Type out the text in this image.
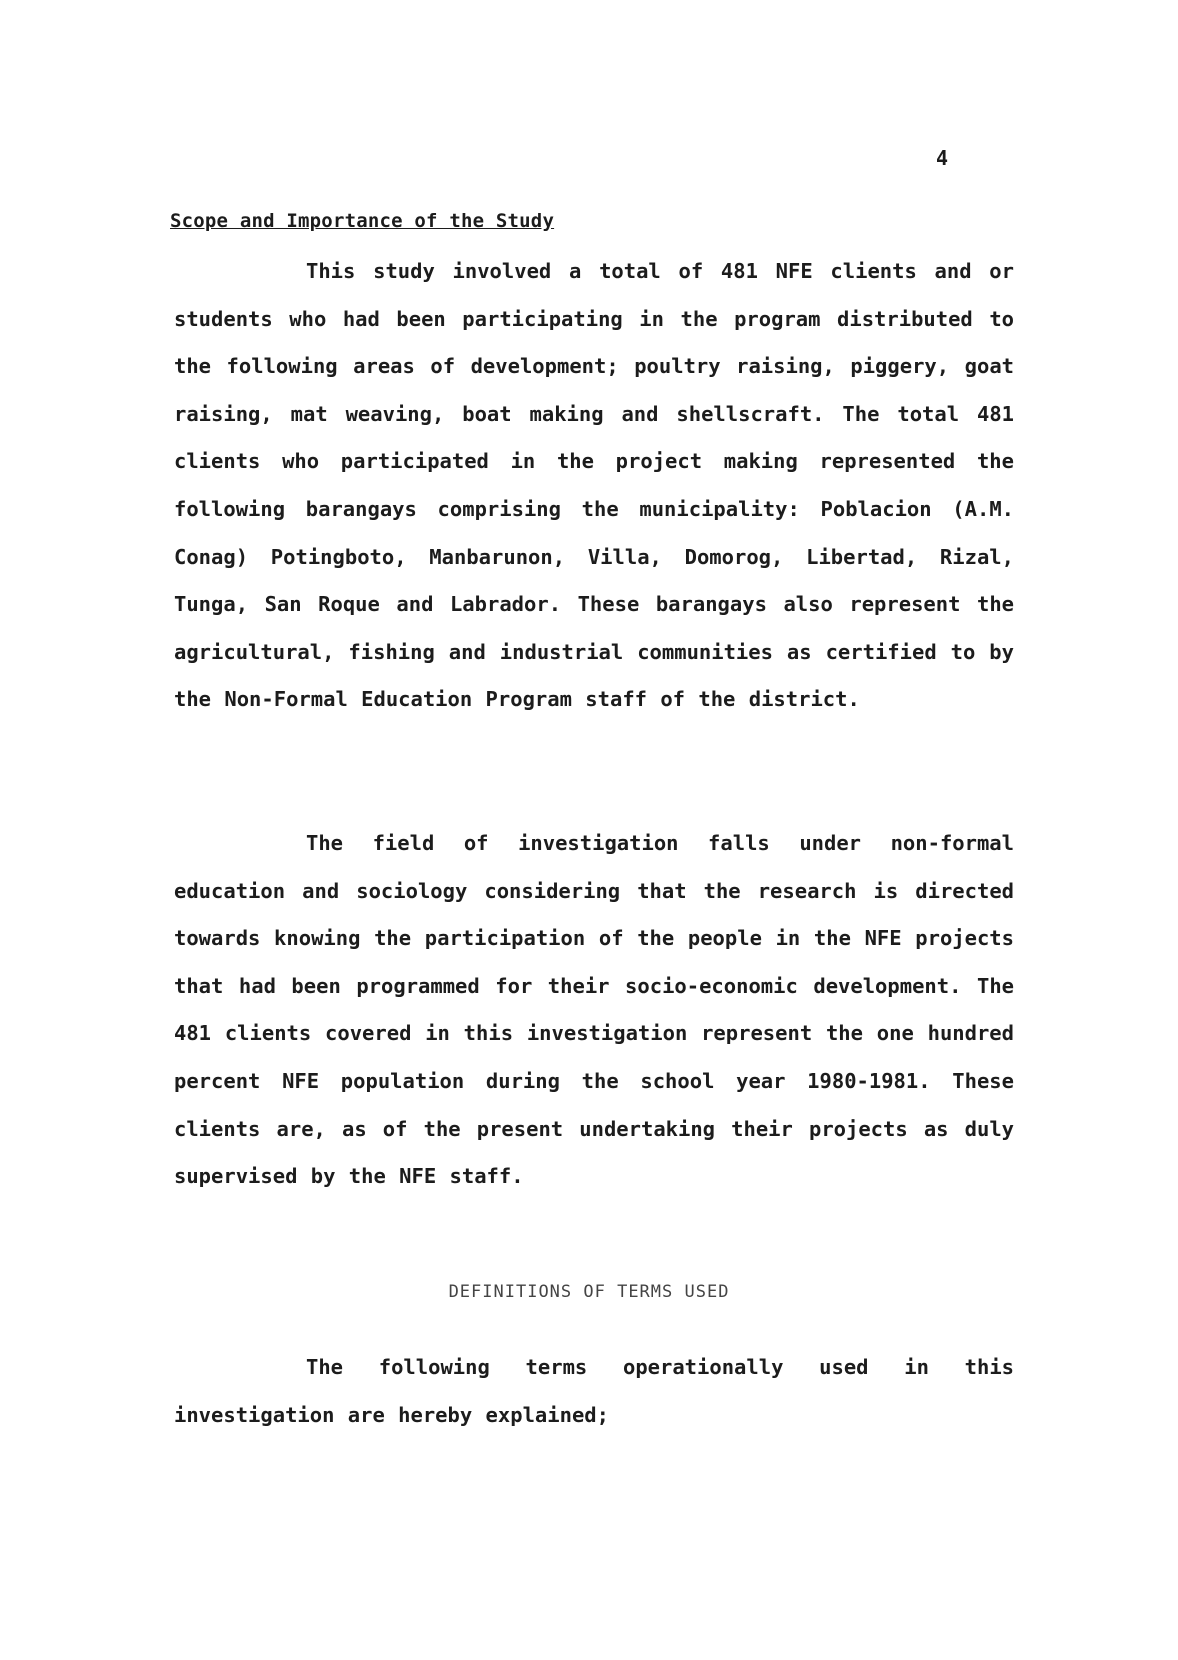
4
Scope and Importance of the Study

This study involved a total of 481 NFE clients and or students who had been participating in the program distributed to the following areas of development; poultry raising, piggery, goat raising, mat weaving, boat making and shellscraft. The total 481 clients who participated in the project making represented the following barangays comprising the municipality: Poblacion (A.M. Conag) Potingboto, Manbarunon, Villa, Domorog, Libertad, Rizal, Tunga, San Roque and Labrador. These barangays also represent the agricultural, fishing and industrial communities as certified to by the Non-Formal Education Program staff of the district.

The field of investigation falls under non-formal education and sociology considering that the research is directed towards knowing the participation of the people in the NFE projects that had been programmed for their socio-economic development. The 481 clients covered in this investigation represent the one hundred percent NFE population during the school year 1980-1981. These clients are, as of the present undertaking their projects as duly supervised by the NFE staff.

DEFINITIONS OF TERMS USED

The following terms operationally used in this investigation are hereby explained;
